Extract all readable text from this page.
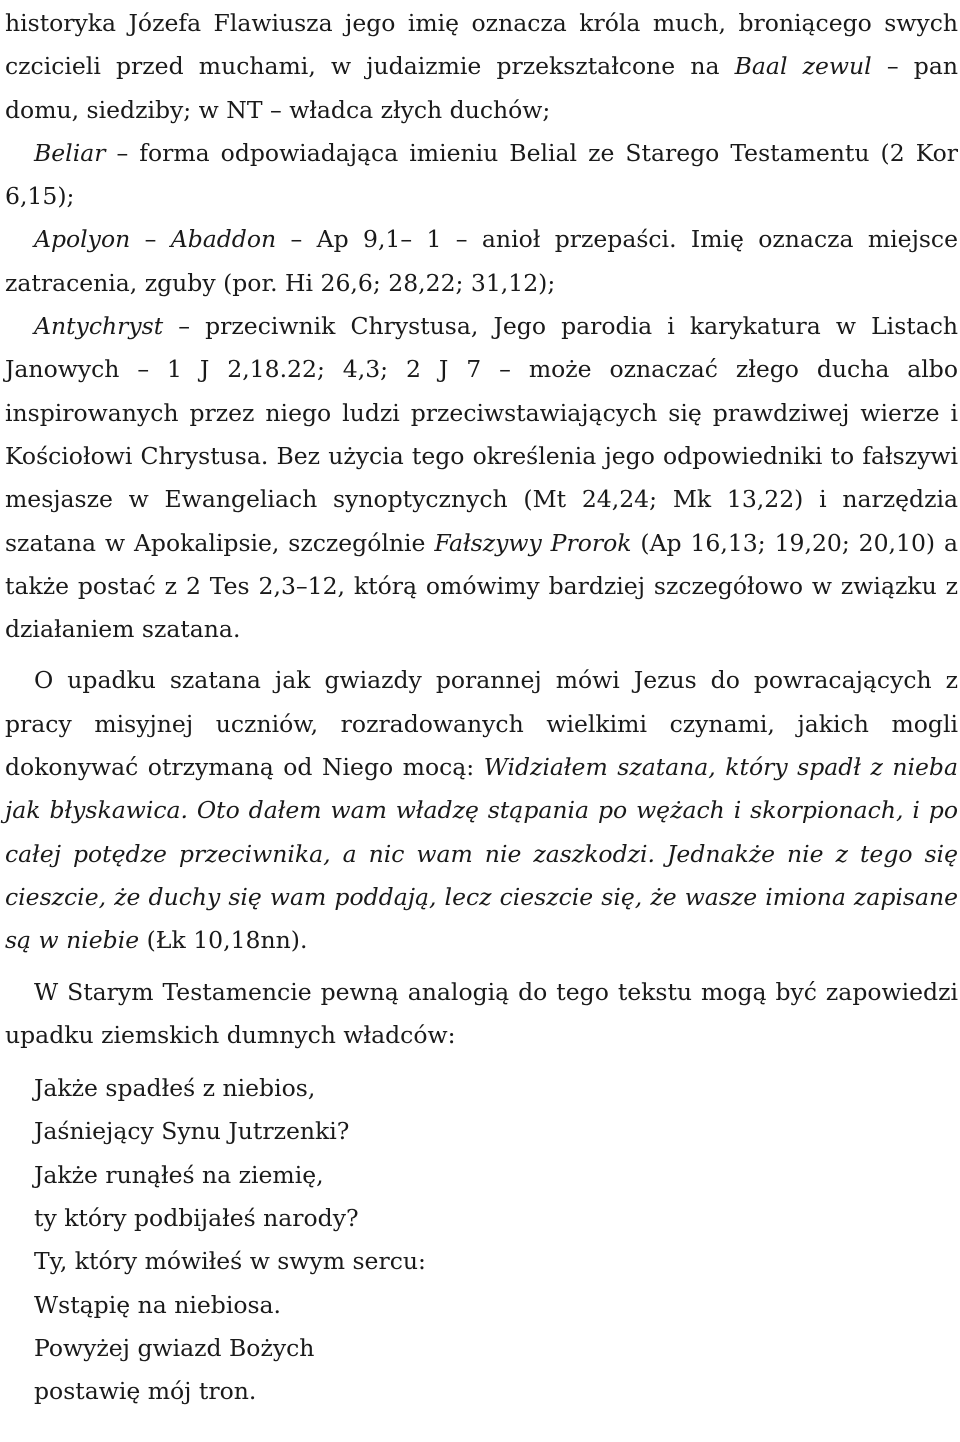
historyka Józefa Flawiusza jego imię oznacza króla much, broniącego swych czcicieli przed muchami, w judaizmie przekształcone na Baal zewul – pan domu, siedziby; w NT – władca złych duchów;

Beliar – forma odpowiadająca imieniu Belial ze Starego Testamentu (2 Kor 6,15);

Apolyon – Abaddon – Ap 9,1– 1 – anioł przepaści. Imię oznacza miejsce zatracenia, zguby (por. Hi 26,6; 28,22; 31,12);

Antychryst – przeciwnik Chrystusa, Jego parodia i karykatura w Listach Janowych – 1 J 2,18.22; 4,3; 2 J 7 – może oznaczać złego ducha albo inspirowanych przez niego ludzi przeciwstawiających się prawdziwej wierze i Kościołowi Chrystusa. Bez użycia tego określenia jego odpowiedniki to fałszywi mesjasze w Ewangeliach synoptycznych (Mt 24,24; Mk 13,22) i narzędzia szatana w Apokalipsie, szczególnie Fałszywy Prorok (Ap 16,13; 19,20; 20,10) a także postać z 2 Tes 2,3–12, którą omówimy bardziej szczegółowo w związku z działaniem szatana.

O upadku szatana jak gwiazdy porannej mówi Jezus do powracających z pracy misyjnej uczniów, rozradowanych wielkimi czynami, jakich mogli dokonywać otrzymaną od Niego mocą: Widziałem szatana, który spadł z nieba jak błyskawica. Oto dałem wam władzę stąpania po wężach i skorpionach, i po całej potędze przeciwnika, a nic wam nie zaszkodzi. Jednakże nie z tego się cieszcie, że duchy się wam poddają, lecz cieszcie się, że wasze imiona zapisane są w niebie (Łk 10,18nn).

W Starym Testamencie pewną analogią do tego tekstu mogą być zapowiedzi upadku ziemskich dumnych władców:

Jakże spadłeś z niebios,
Jaśniejący Synu Jutrzenki?
Jakże runąłeś na ziemię,
ty który podbijałeś narody?
Ty, który mówiłeś w swym sercu:
Wstąpię na niebiosa.
Powyżej gwiazd Bożych
postawię mój tron.
